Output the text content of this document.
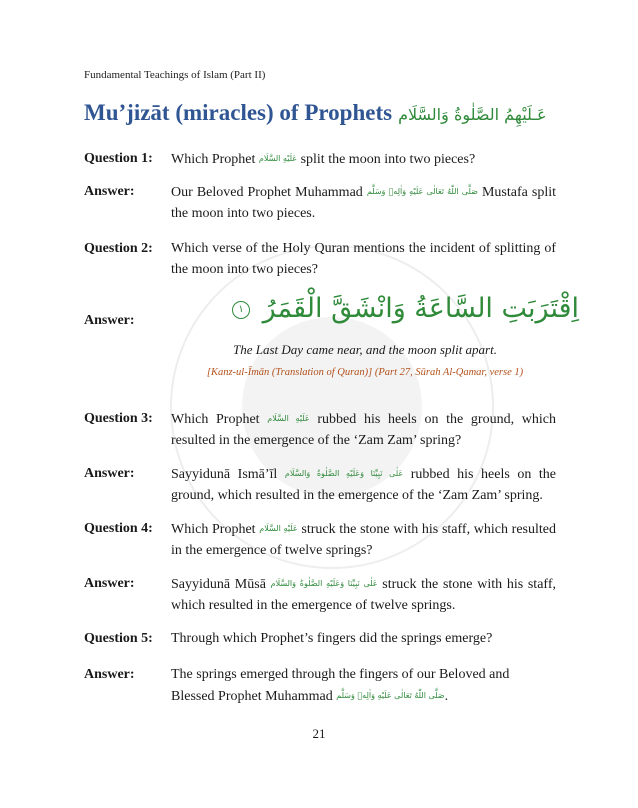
Fundamental Teachings of Islam (Part II)
Mu’jizāt (miracles) of Prophets عَـلَيْهِمُ الصَّلٰوةُ وَالسَّلَام
Question 1:	Which Prophet عَلَيْهِ السَّلَام split the moon into two pieces?
Answer:	Our Beloved Prophet Muhammad صَلَّى اللّٰهُ تَعَالٰى عَلَيْهِ وَاٰلِهٖ وَسَلَّم Mustafa split the moon into two pieces.
Question 2:	Which verse of the Holy Quran mentions the incident of splitting of the moon into two pieces?
Answer:	اِقْتَرَبَتِ السَّاعَةُ وَانْشَقَّ الْقَمَرُ ١
The Last Day came near, and the moon split apart.
[Kanz-ul-Īmān (Translation of Quran)] (Part 27, Sūrah Al-Qamar, verse 1)
Question 3:	Which Prophet عَلَيْهِ السَّلَام rubbed his heels on the ground, which resulted in the emergence of the ‘Zam Zam’ spring?
Answer:	Sayyidunā Ismā’īl عَلٰى نَبِيِّنَا وَعَلَيْهِ الصَّلٰوةُ وَالسَّلَام rubbed his heels on the ground, which resulted in the emergence of the ‘Zam Zam’ spring.
Question 4:	Which Prophet عَلَيْهِ السَّلَام struck the stone with his staff, which resulted in the emergence of twelve springs?
Answer:	Sayyidunā Mūsā عَلٰى نَبِيِّنَا وَعَلَيْهِ الصَّلٰوةُ وَالسَّلَام struck the stone with his staff, which resulted in the emergence of twelve springs.
Question 5:	Through which Prophet’s fingers did the springs emerge?
Answer:	The springs emerged through the fingers of our Beloved and Blessed Prophet Muhammad صَلَّى اللّٰهُ تَعَالٰى عَلَيْهِ وَاٰلِهٖ وَسَلَّم.
21
